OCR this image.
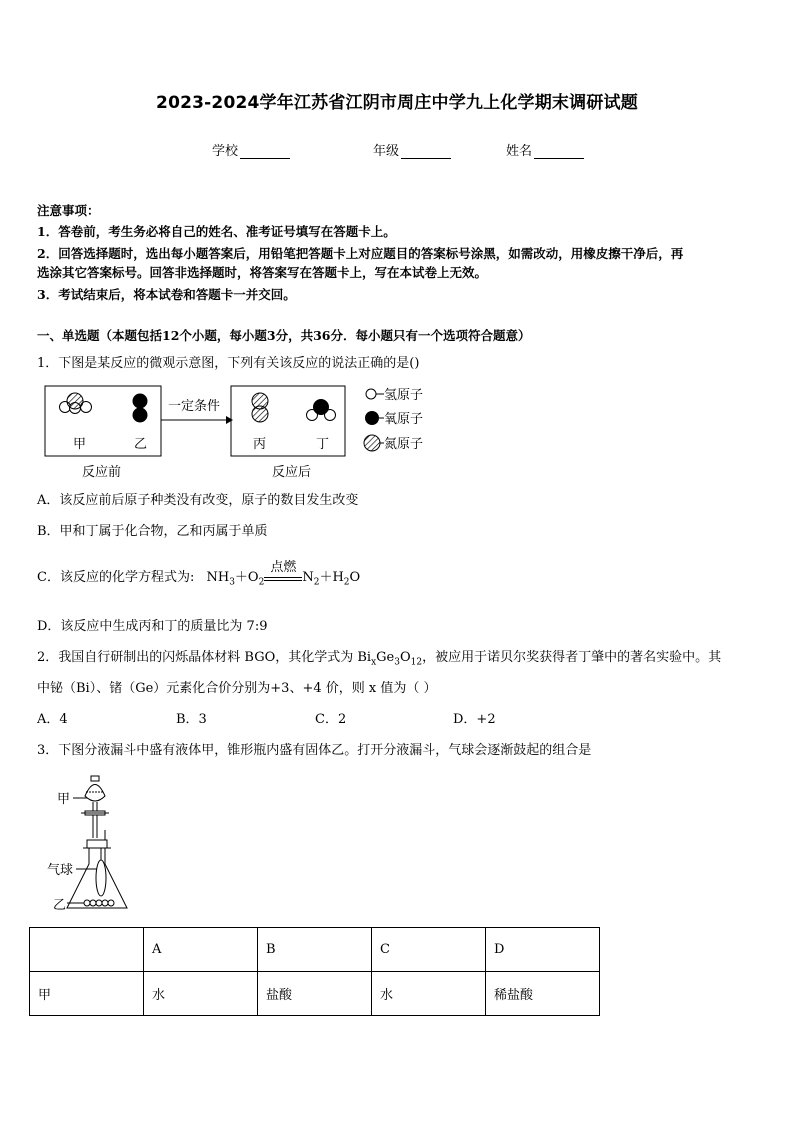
2023-2024学年江苏省江阴市周庄中学九上化学期末调研试题
学校	年级	姓名
注意事项：
1．答卷前，考生务必将自己的姓名、准考证号填写在答题卡上。
2．回答选择题时，选出每小题答案后，用铅笔把答题卡上对应题目的答案标号涂黑，如需改动，用橡皮擦干净后，再
选涂其它答案标号。回答非选择题时，将答案写在答题卡上，写在本试卷上无效。
3．考试结束后，将本试卷和答题卡一并交回。
一、单选题（本题包括12个小题，每小题3分，共36分．每小题只有一个选项符合题意）
1．下图是某反应的微观示意图，下列有关该反应的说法正确的是()
甲	乙
一定条件
丙	丁
反应前	反应后
氢原子
氧原子
氮原子
A．该反应前后原子种类没有改变，原子的数目发生改变
B．甲和丁属于化合物，乙和丙属于单质
C．该反应的化学方程式为: $NH_3+O_2$
点燃
$N_2+H_2O$
D．该反应中生成丙和丁的质量比为 7:9
2．我国自行研制出的闪烁晶体材料 BGO，其化学式为 $Bi_xGe_3O_{12}$，被应用于诺贝尔奖获得者丁肇中的著名实验中。其
中铋（Bi）、锗（Ge）元素化合价分别为+3、+4 价，则 x 值为（ ）
A．4	B．3	C．2	D．+2
3．下图分液漏斗中盛有液体甲，锥形瓶内盛有固体乙。打开分液漏斗，气球会逐渐鼓起的组合是
甲
气球
乙
	A	B	C	D
甲	水	盐酸	水	稀盐酸
